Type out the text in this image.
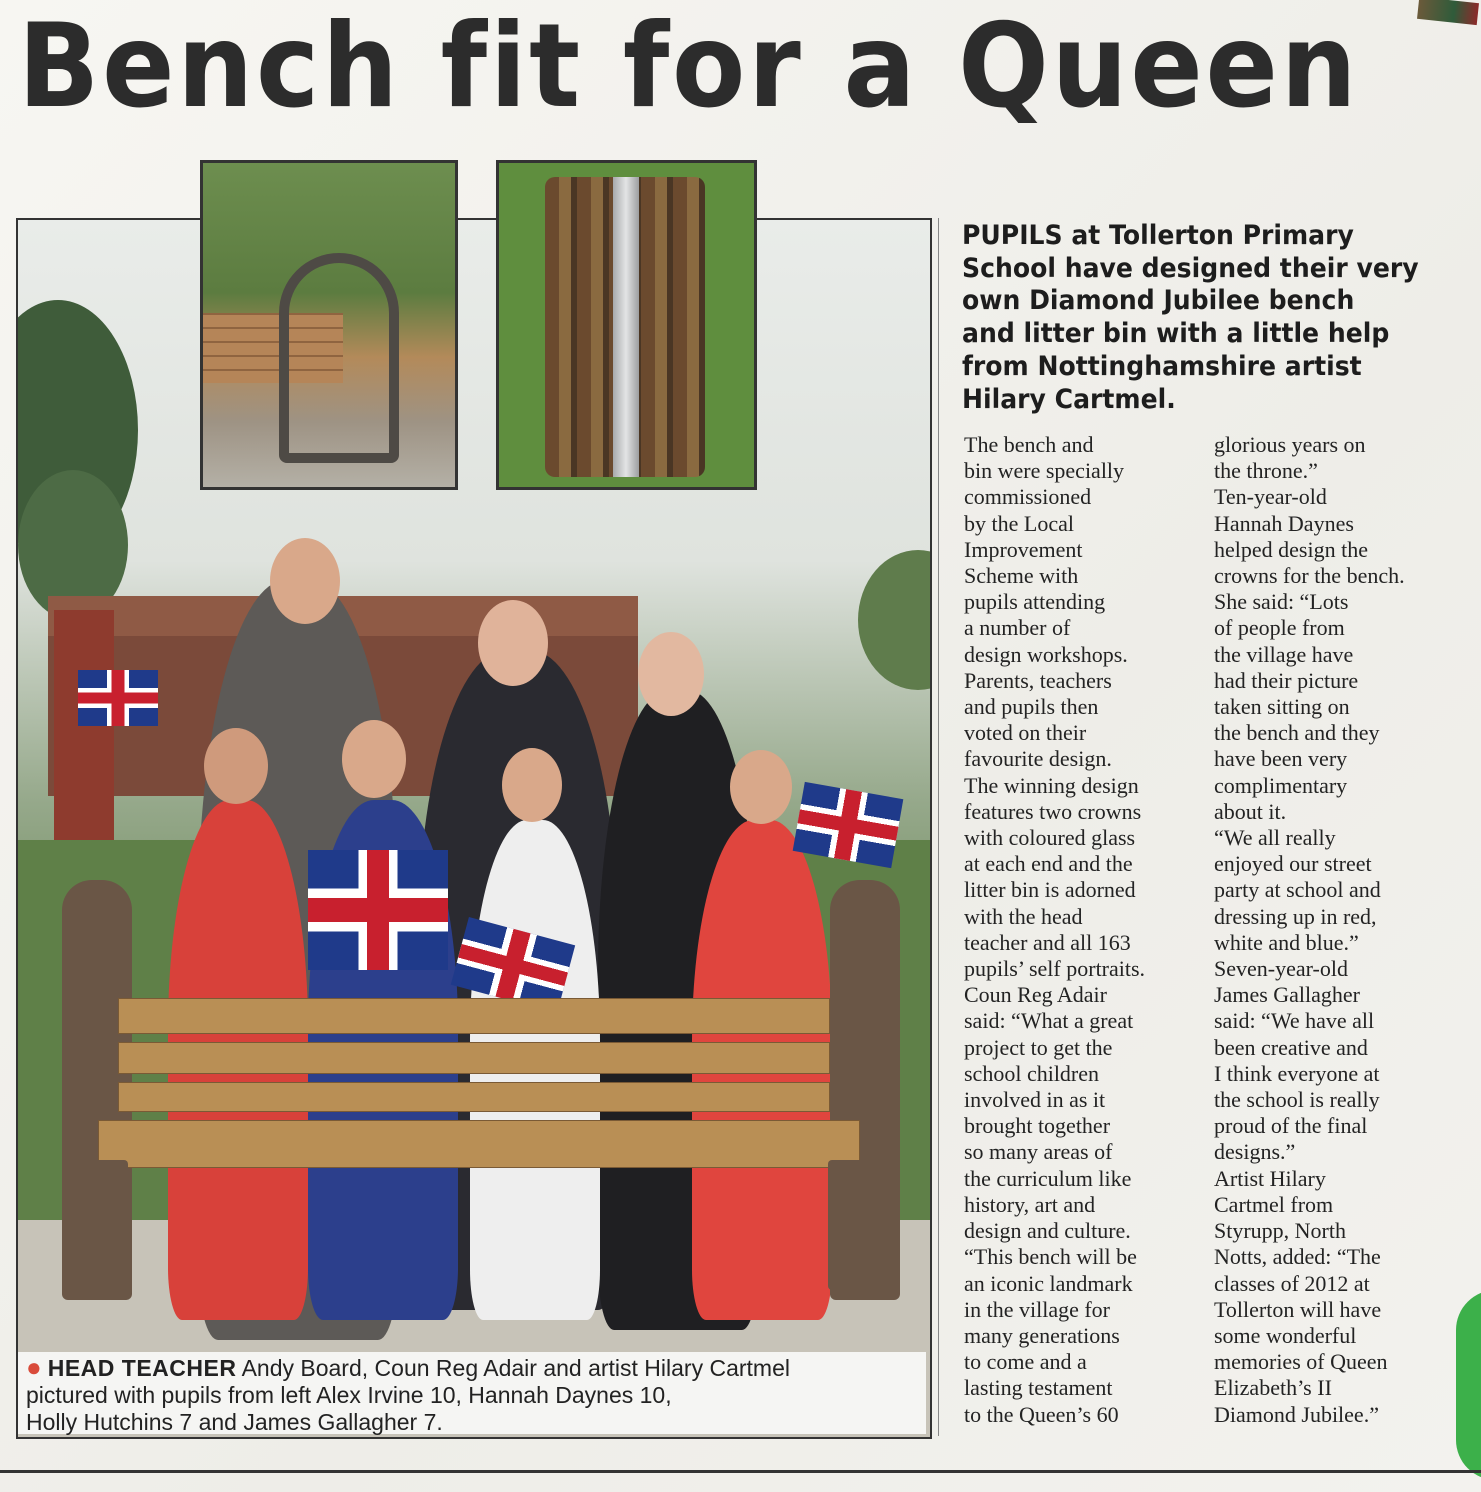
Bench fit for a Queen
● HEAD TEACHER Andy Board, Coun Reg Adair and artist Hilary Cartmel
pictured with pupils from left Alex Irvine 10, Hannah Daynes 10,
Holly Hutchins 7 and James Gallagher 7.
PUPILS at Tollerton Primary
School have designed their very
own Diamond Jubilee bench
and litter bin with a little help
from Nottinghamshire artist
Hilary Cartmel.
The bench and
bin were specially
commissioned
by the Local
Improvement
Scheme with
pupils attending
a number of
design workshops.
Parents, teachers
and pupils then
voted on their
favourite design.
The winning design
features two crowns
with coloured glass
at each end and the
litter bin is adorned
with the head
teacher and all 163
pupils’ self portraits.
Coun Reg Adair
said: “What a great
project to get the
school children
involved in as it
brought together
so many areas of
the curriculum like
history, art and
design and culture.
“This bench will be
an iconic landmark
in the village for
many generations
to come and a
lasting testament
to the Queen’s 60
glorious years on
the throne.”
Ten-year-old
Hannah Daynes
helped design the
crowns for the bench.
She said: “Lots
of people from
the village have
had their picture
taken sitting on
the bench and they
have been very
complimentary
about it.
“We all really
enjoyed our street
party at school and
dressing up in red,
white and blue.”
Seven-year-old
James Gallagher
said: “We have all
been creative and
I think everyone at
the school is really
proud of the final
designs.”
Artist Hilary
Cartmel from
Styrupp, North
Notts, added: “The
classes of 2012 at
Tollerton will have
some wonderful
memories of Queen
Elizabeth’s II
Diamond Jubilee.”
